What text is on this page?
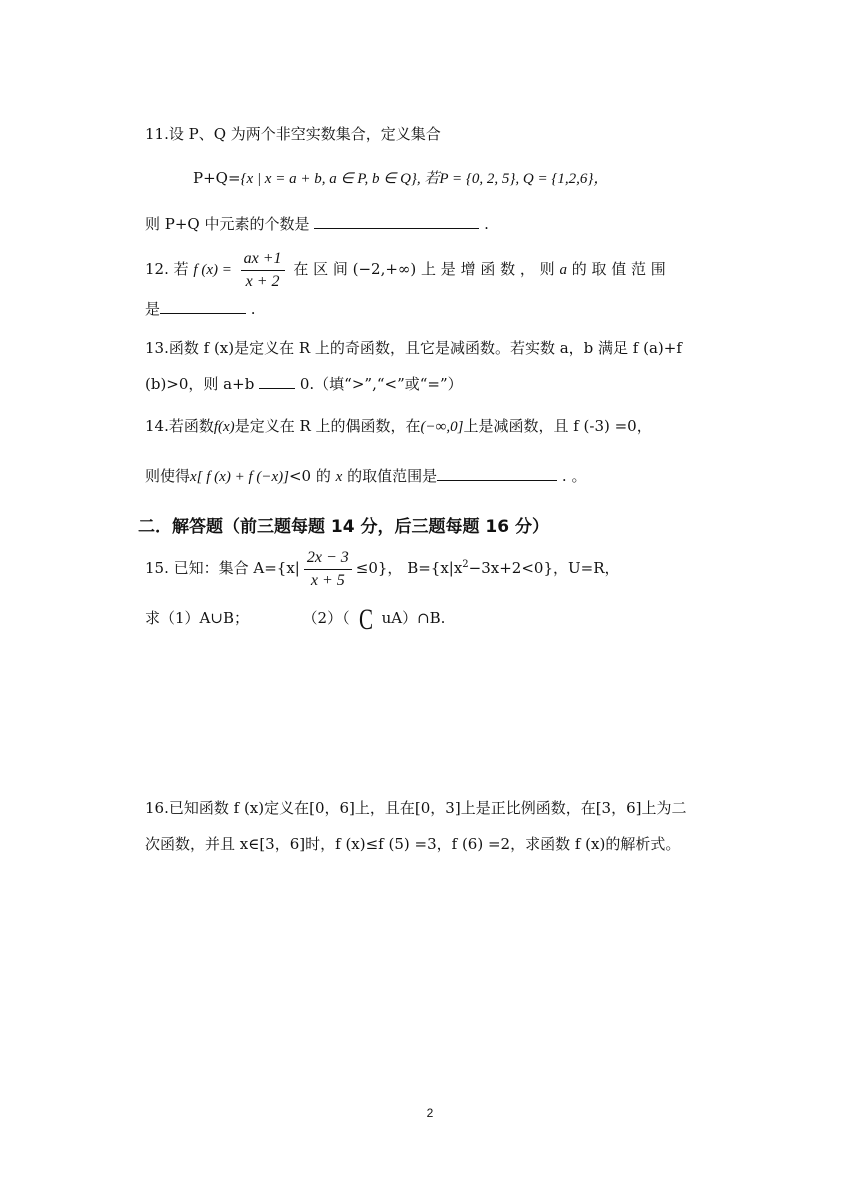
11.设 P、Q 为两个非空实数集合，定义集合
P+Q={x | x = a + b, a ∈ P, b ∈ Q}, 若P = {0, 2, 5}, Q = {1,2,6}，
则 P+Q 中元素的个数是	.
12. 若 f $(x) = \frac{ax +1}{x + 2}$ 在 区 间 (−2,+∞) 上 是 增 函 数 ， 则 a 的 取 值 范 围
是	.
13.函数 f (x)是定义在 R 上的奇函数，且它是减函数。若实数 a，b 满足 f (a)+f
(b)>0，则 a+b	0.（填“>”,“<”或“=”）
14.若函数f(x)是定义在 R 上的偶函数，在(−∞,0]上是减函数，且 f (-3) =0，
则使得x[ f (x) + f (−x)]<0 的 x 的取值范围是	. 。
二．解答题（前三题每题 14 分，后三题每题 16 分）
15. 已知：集合 $A=\{x| \frac{2x - 3}{x + 5} \le 0\}$， $B=\{x|x^2-3x+2<0\}$，U=R，
求（1）A∪B；	（2）（ C uA）∩B.
16.已知函数 f (x)定义在[0，6]上，且在[0，3]上是正比例函数，在[3，6]上为二
次函数，并且 x∈[3，6]时，f (x)≤f (5) =3，f (6) =2，求函数 f (x)的解析式。
2
